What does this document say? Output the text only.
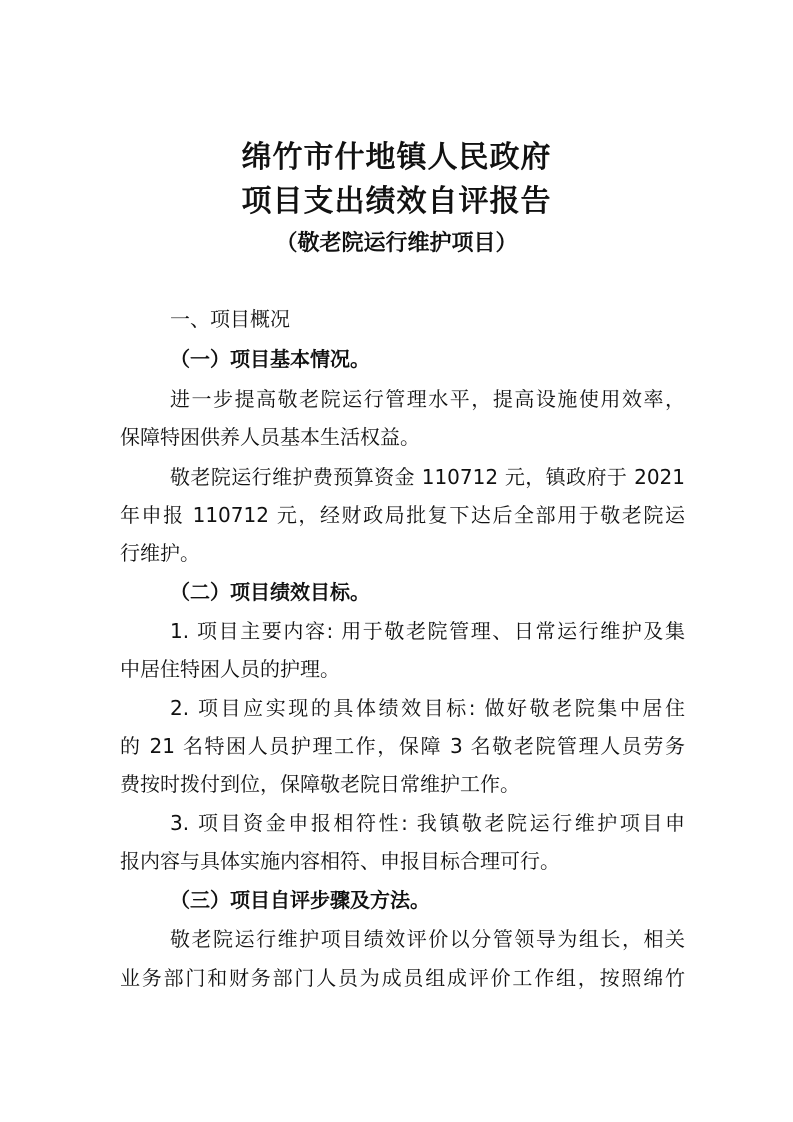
绵竹市什地镇人民政府
项目支出绩效自评报告
（敬老院运行维护项目）
一、项目概况
（一）项目基本情况。
进一步提高敬老院运行管理水平，提高设施使用效率，
保障特困供养人员基本生活权益。
敬老院运行维护费预算资金 110712 元，镇政府于 2021
年申报 110712 元，经财政局批复下达后全部用于敬老院运
行维护。
（二）项目绩效目标。
1. 项目主要内容: 用于敬老院管理、日常运行维护及集
中居住特困人员的护理。
2. 项目应实现的具体绩效目标: 做好敬老院集中居住
的 21 名特困人员护理工作，保障 3 名敬老院管理人员劳务
费按时拨付到位，保障敬老院日常维护工作。
3. 项目资金申报相符性: 我镇敬老院运行维护项目申
报内容与具体实施内容相符、申报目标合理可行。
（三）项目自评步骤及方法。
敬老院运行维护项目绩效评价以分管领导为组长，相关
业务部门和财务部门人员为成员组成评价工作组，按照绵竹
